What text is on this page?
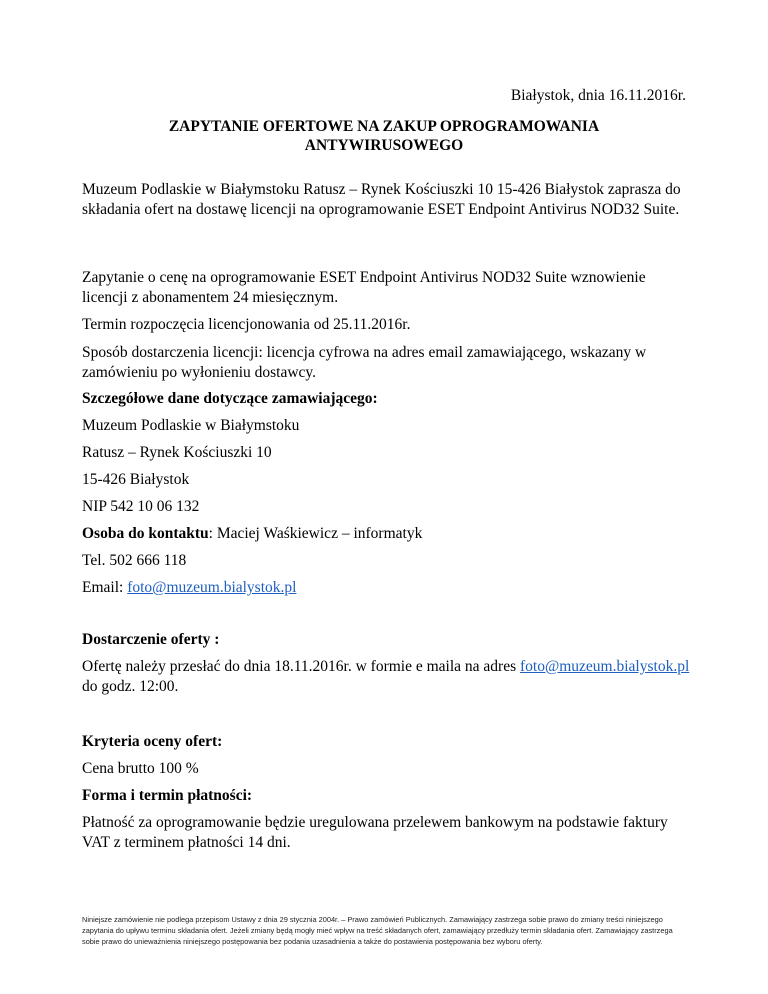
Białystok, dnia 16.11.2016r.
ZAPYTANIE OFERTOWE NA ZAKUP OPROGRAMOWANIA
ANTYWIRUSOWEGO
Muzeum Podlaskie w Białymstoku Ratusz – Rynek Kościuszki 10 15-426 Białystok zaprasza do składania ofert na dostawę licencji na oprogramowanie ESET Endpoint Antivirus NOD32 Suite.
Zapytanie o cenę na oprogramowanie ESET Endpoint Antivirus NOD32 Suite wznowienie licencji z abonamentem 24 miesięcznym.
Termin rozpoczęcia licencjonowania od 25.11.2016r.
Sposób dostarczenia licencji: licencja cyfrowa na adres email zamawiającego, wskazany w zamówieniu po wyłonieniu dostawcy.
Szczegółowe dane dotyczące zamawiającego:
Muzeum Podlaskie w Białymstoku
Ratusz – Rynek Kościuszki 10
15-426 Białystok
NIP 542 10 06 132
Osoba do kontaktu: Maciej Waśkiewicz – informatyk
Tel. 502 666 118
Email: foto@muzeum.bialystok.pl
Dostarczenie oferty :
Ofertę należy przesłać do dnia 18.11.2016r. w formie e maila na adres foto@muzeum.bialystok.pl do godz. 12:00.
Kryteria oceny ofert:
Cena brutto 100 %
Forma i termin płatności:
Płatność za oprogramowanie będzie uregulowana przelewem bankowym na podstawie faktury VAT z terminem płatności 14 dni.
Niniejsze zamówienie nie podlega przepisom Ustawy z dnia 29 stycznia 2004r. – Prawo zamówień Publicznych. Zamawiający zastrzega sobie prawo do zmiany treści niniejszego zapytania do upływu terminu składania ofert. Jeżeli zmiany będą mogły mieć wpływ na treść składanych ofert, zamawiający przedłuży termin składania ofert. Zamawiający zastrzega sobie prawo do unieważnienia niniejszego postępowania bez podania uzasadnienia a także do postawienia postępowania bez wyboru oferty.
